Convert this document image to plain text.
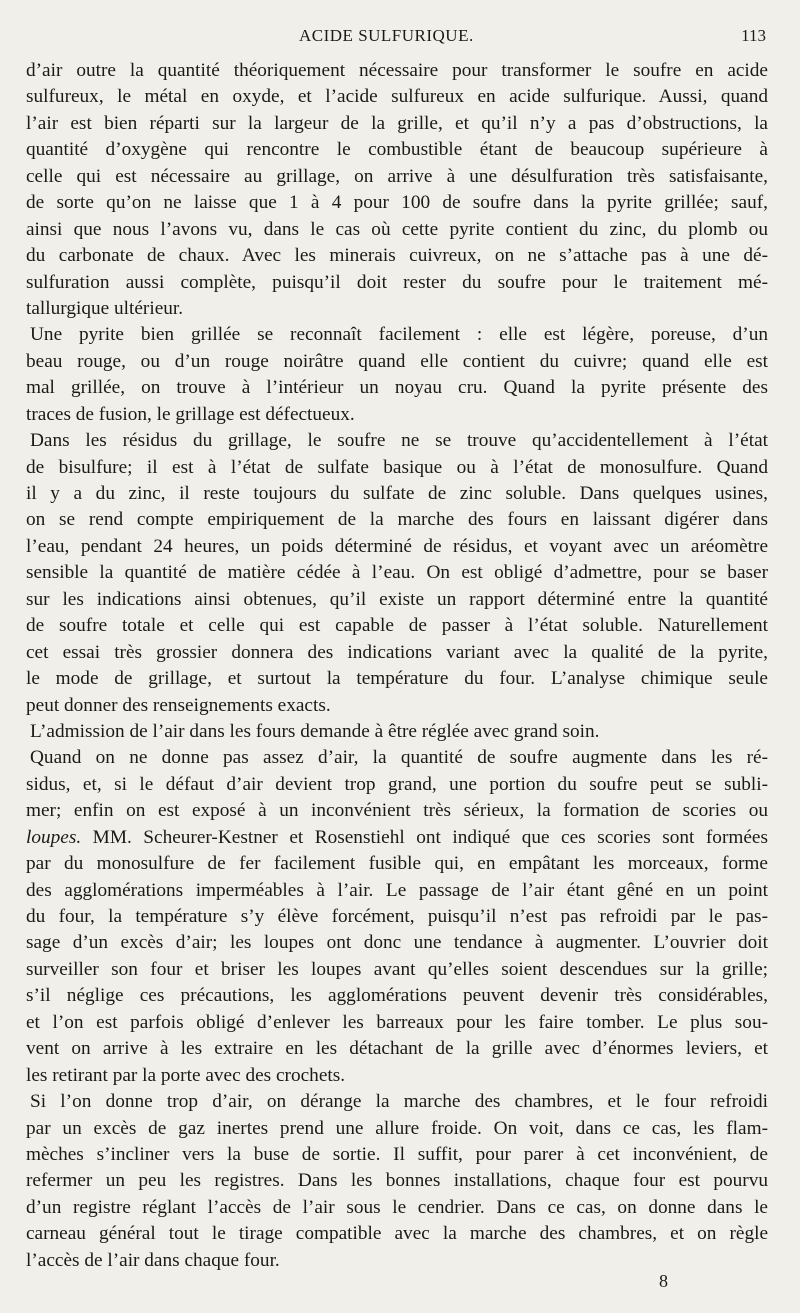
ACIDE SULFURIQUE.	113
d’air outre la quantité théoriquement nécessaire pour transformer le soufre en acide
sulfureux, le métal en oxyde, et l’acide sulfureux en acide sulfurique. Aussi, quand
l’air est bien réparti sur la largeur de la grille, et qu’il n’y a pas d’obstructions, la
quantité d’oxygène qui rencontre le combustible étant de beaucoup supérieure à
celle qui est nécessaire au grillage, on arrive à une désulfuration très satisfaisante,
de sorte qu’on ne laisse que 1 à 4 pour 100 de soufre dans la pyrite grillée; sauf,
ainsi que nous l’avons vu, dans le cas où cette pyrite contient du zinc, du plomb ou
du carbonate de chaux. Avec les minerais cuivreux, on ne s’attache pas à une dé-
sulfuration aussi complète, puisqu’il doit rester du soufre pour le traitement mé-
tallurgique ultérieur.
Une pyrite bien grillée se reconnaît facilement : elle est légère, poreuse, d’un
beau rouge, ou d’un rouge noirâtre quand elle contient du cuivre; quand elle est
mal grillée, on trouve à l’intérieur un noyau cru. Quand la pyrite présente des
traces de fusion, le grillage est défectueux.
Dans les résidus du grillage, le soufre ne se trouve qu’accidentellement à l’état
de bisulfure; il est à l’état de sulfate basique ou à l’état de monosulfure. Quand
il y a du zinc, il reste toujours du sulfate de zinc soluble. Dans quelques usines,
on se rend compte empiriquement de la marche des fours en laissant digérer dans
l’eau, pendant 24 heures, un poids déterminé de résidus, et voyant avec un aréomètre
sensible la quantité de matière cédée à l’eau. On est obligé d’admettre, pour se baser
sur les indications ainsi obtenues, qu’il existe un rapport déterminé entre la quantité
de soufre totale et celle qui est capable de passer à l’état soluble. Naturellement
cet essai très grossier donnera des indications variant avec la qualité de la pyrite,
le mode de grillage, et surtout la température du four. L’analyse chimique seule
peut donner des renseignements exacts.
L’admission de l’air dans les fours demande à être réglée avec grand soin.
Quand on ne donne pas assez d’air, la quantité de soufre augmente dans les ré-
sidus, et, si le défaut d’air devient trop grand, une portion du soufre peut se subli-
mer; enfin on est exposé à un inconvénient très sérieux, la formation de scories ou
loupes. MM. Scheurer-Kestner et Rosenstiehl ont indiqué que ces scories sont formées
par du monosulfure de fer facilement fusible qui, en empâtant les morceaux, forme
des agglomérations imperméables à l’air. Le passage de l’air étant gêné en un point
du four, la température s’y élève forcément, puisqu’il n’est pas refroidi par le pas-
sage d’un excès d’air; les loupes ont donc une tendance à augmenter. L’ouvrier doit
surveiller son four et briser les loupes avant qu’elles soient descendues sur la grille;
s’il néglige ces précautions, les agglomérations peuvent devenir très considérables,
et l’on est parfois obligé d’enlever les barreaux pour les faire tomber. Le plus sou-
vent on arrive à les extraire en les détachant de la grille avec d’énormes leviers, et
les retirant par la porte avec des crochets.
Si l’on donne trop d’air, on dérange la marche des chambres, et le four refroidi
par un excès de gaz inertes prend une allure froide. On voit, dans ce cas, les flam-
mèches s’incliner vers la buse de sortie. Il suffit, pour parer à cet inconvénient, de
refermer un peu les registres. Dans les bonnes installations, chaque four est pourvu
d’un registre réglant l’accès de l’air sous le cendrier. Dans ce cas, on donne dans le
carneau général tout le tirage compatible avec la marche des chambres, et on règle
l’accès de l’air dans chaque four.
8
